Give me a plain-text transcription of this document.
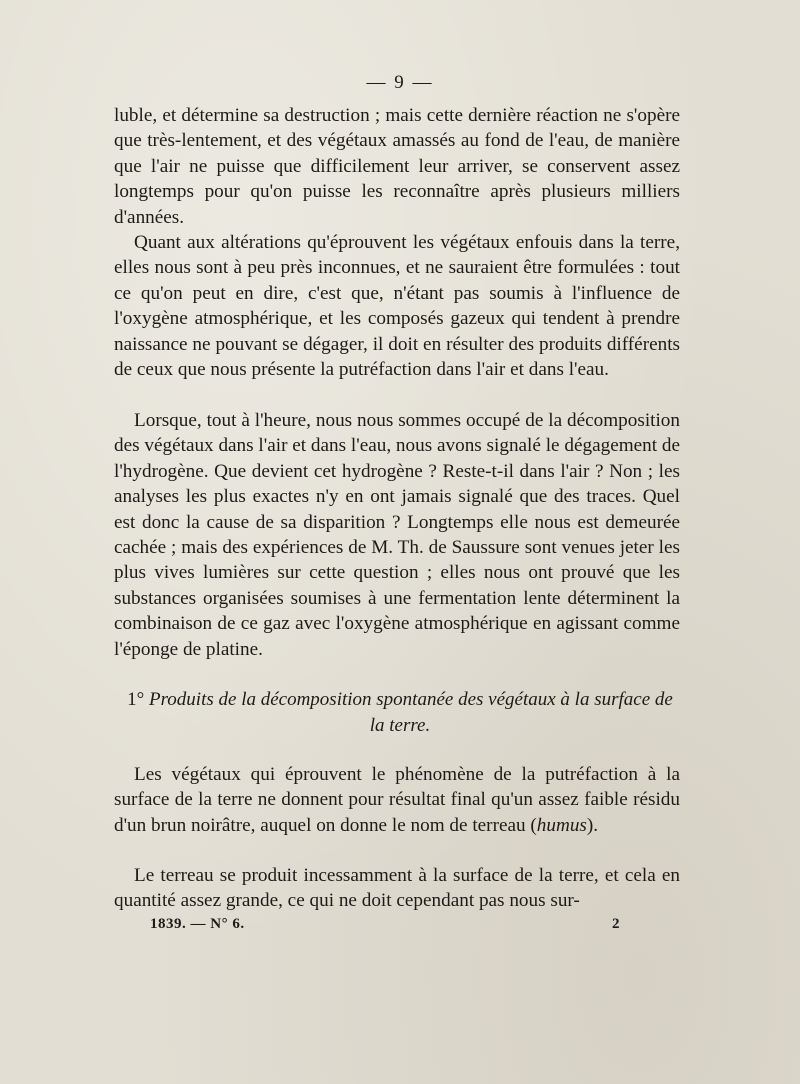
— 9 —

luble, et détermine sa destruction ; mais cette dernière réaction ne s'opère que très-lentement, et des végétaux amassés au fond de l'eau, de manière que l'air ne puisse que difficilement leur arriver, se conservent assez longtemps pour qu'on puisse les reconnaître après plusieurs milliers d'années.

Quant aux altérations qu'éprouvent les végétaux enfouis dans la terre, elles nous sont à peu près inconnues, et ne sauraient être formulées : tout ce qu'on peut en dire, c'est que, n'étant pas soumis à l'influence de l'oxygène atmosphérique, et les composés gazeux qui tendent à prendre naissance ne pouvant se dégager, il doit en résulter des produits différents de ceux que nous présente la putréfaction dans l'air et dans l'eau.

Lorsque, tout à l'heure, nous nous sommes occupé de la décomposition des végétaux dans l'air et dans l'eau, nous avons signalé le dégagement de l'hydrogène. Que devient cet hydrogène ? Reste-t-il dans l'air ? Non ; les analyses les plus exactes n'y en ont jamais signalé que des traces. Quel est donc la cause de sa disparition ? Longtemps elle nous est demeurée cachée ; mais des expériences de M. Th. de Saussure sont venues jeter les plus vives lumières sur cette question ; elles nous ont prouvé que les substances organisées soumises à une fermentation lente déterminent la combinaison de ce gaz avec l'oxygène atmosphérique en agissant comme l'éponge de platine.

1° Produits de la décomposition spontanée des végétaux à la surface de la terre.

Les végétaux qui éprouvent le phénomène de la putréfaction à la surface de la terre ne donnent pour résultat final qu'un assez faible résidu d'un brun noirâtre, auquel on donne le nom de terreau (humus).

Le terreau se produit incessamment à la surface de la terre, et cela en quantité assez grande, ce qui ne doit cependant pas nous sur-

1839. — N° 6.	2
